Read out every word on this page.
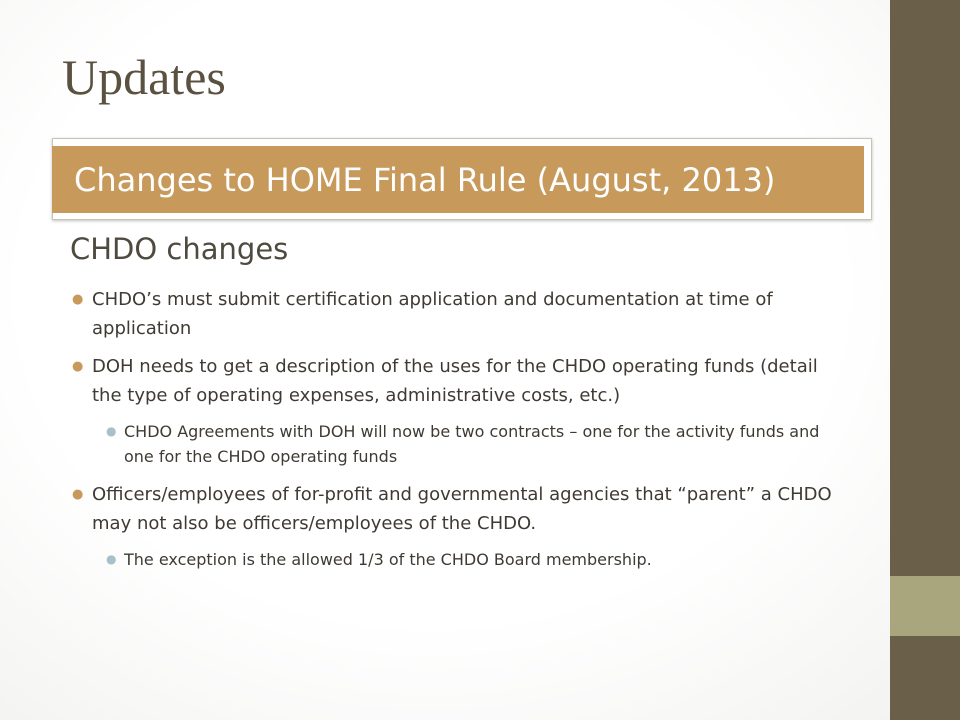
Updates
Changes to HOME Final Rule (August, 2013)
CHDO changes
● CHDO’s must submit certification application and documentation at time of application
● DOH needs to get a description of the uses for the CHDO operating funds (detail the type of operating expenses, administrative costs, etc.)
● CHDO Agreements with DOH will now be two contracts – one for the activity funds and one for the CHDO operating funds
● Officers/employees of for-profit and governmental agencies that “parent” a CHDO may not also be officers/employees of the CHDO.
● The exception is the allowed 1/3 of the CHDO Board membership.
